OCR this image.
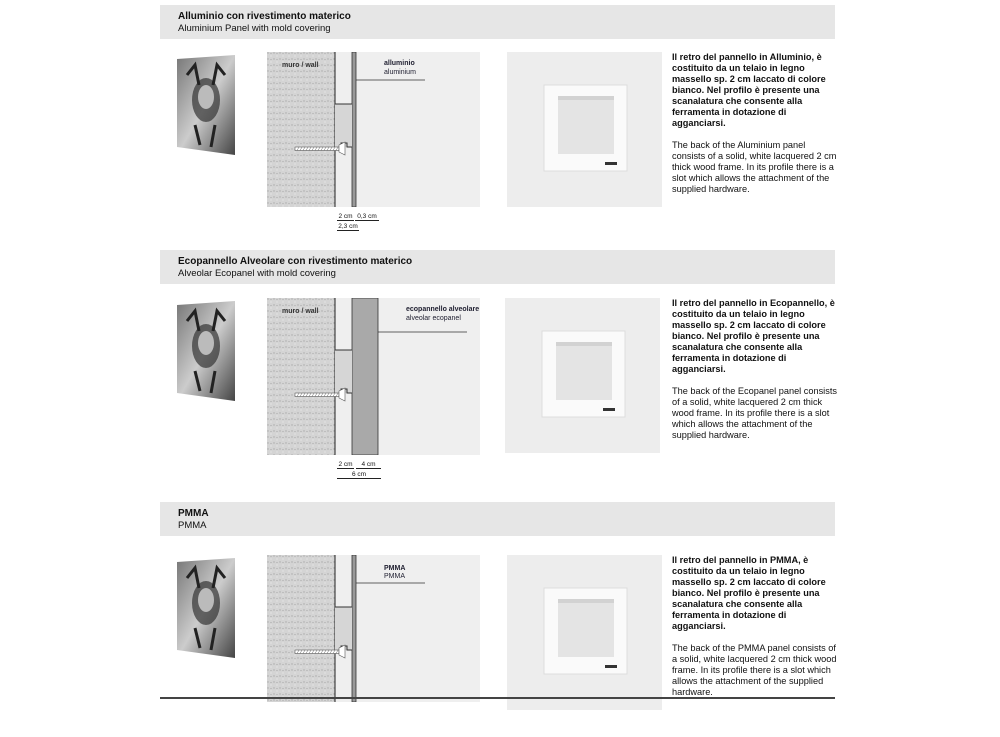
Alluminio con rivestimento materico
Aluminium Panel with mold covering
muro / wall	alluminio
aluminium
2 cm 0,3 cm
2,3 cm
Il retro del pannello in Alluminio, è costituito da un telaio in legno massello sp. 2 cm laccato di colore bianco. Nel profilo è presente una scanalatura che consente alla ferramenta in dotazione di agganciarsi.
The back of the Aluminium panel consists of a solid, white lacquered 2 cm thick wood frame. In its profile there is a slot which allows the attachment of the supplied hardware.
Ecopannello Alveolare con rivestimento materico
Alveolar Ecopanel with mold covering
muro / wall	ecopannello alveolare
alveolar ecopanel
2 cm	4 cm
6 cm
Il retro del pannello in Ecopannello, è costituito da un telaio in legno massello sp. 2 cm laccato di colore bianco. Nel profilo è presente una scanalatura che consente alla ferramenta in dotazione di agganciarsi.
The back of the Ecopanel panel consists of a solid, white lacquered 2 cm thick wood frame. In its profile there is a slot which allows the attachment of the supplied hardware.
PMMA
PMMA
PMMA
PMMA
Il retro del pannello in PMMA, è costituito da un telaio in legno massello sp. 2 cm laccato di colore bianco. Nel profilo è presente una scanalatura che consente alla ferramenta in dotazione di agganciarsi.
The back of the PMMA panel consists of a solid, white lacquered 2 cm thick wood frame. In its profile there is a slot which allows the attachment of the supplied hardware.
